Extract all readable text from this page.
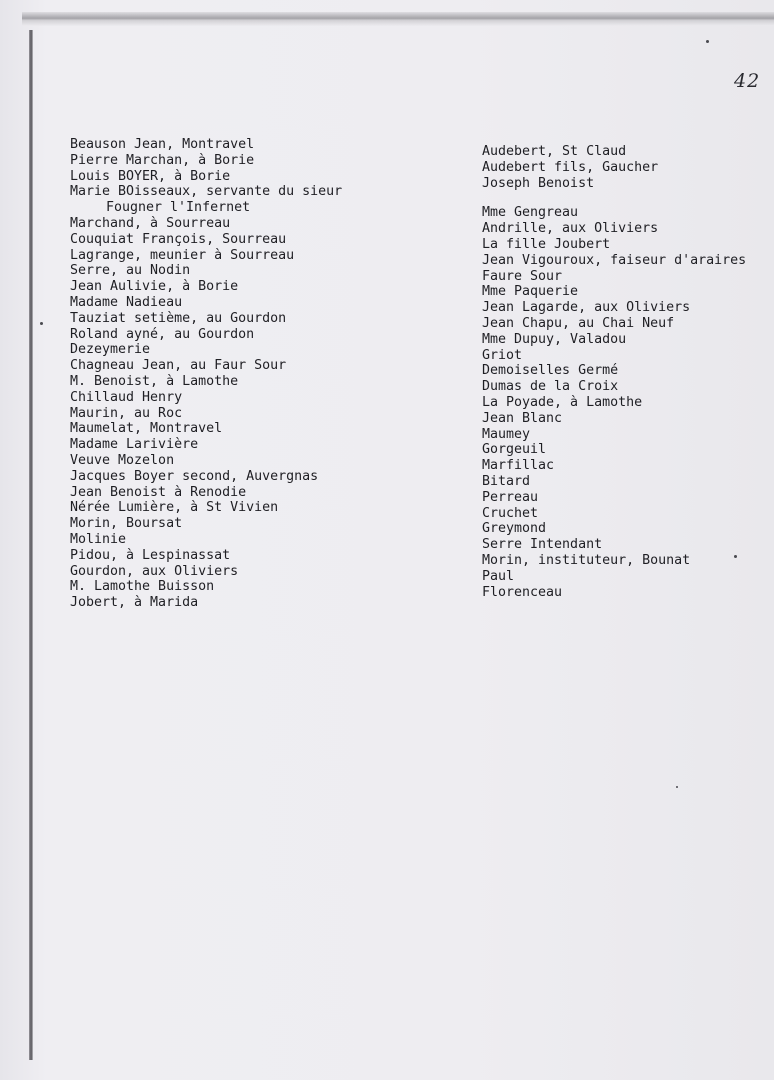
42
Beauson Jean, Montravel
Pierre Marchan, à Borie
Louis BOYER, à Borie
Marie BOisseaux, servante du sieur
Fougner l'Infernet
Marchand, à Sourreau
Couquiat François, Sourreau
Lagrange, meunier à Sourreau
Serre, au Nodin
Jean Aulivie, à Borie
Madame Nadieau
Tauziat setième, au Gourdon
Roland ayné, au Gourdon
Dezeymerie
Chagneau Jean, au Faur Sour
M. Benoist, à Lamothe
Chillaud Henry
Maurin, au Roc
Maumelat, Montravel
Madame Larivière
Veuve Mozelon
Jacques Boyer second, Auvergnas
Jean Benoist à Renodie
Nérée Lumière, à St Vivien
Morin, Boursat
Molinie
Pidou, à Lespinassat
Gourdon, aux Oliviers
M. Lamothe Buisson
Jobert, à Marida
Audebert, St Claud
Audebert fils, Gaucher
Joseph Benoist
Mme Gengreau
Andrille, aux Oliviers
La fille Joubert
Jean Vigouroux, faiseur d'araires
Faure Sour
Mme Paquerie
Jean Lagarde, aux Oliviers
Jean Chapu, au Chai Neuf
Mme Dupuy, Valadou
Griot
Demoiselles Germé
Dumas de la Croix
La Poyade, à Lamothe
Jean Blanc
Maumey
Gorgeuil
Marfillac
Bitard
Perreau
Cruchet
Greymond
Serre Intendant
Morin, instituteur, Bounat
Paul
Florenceau
